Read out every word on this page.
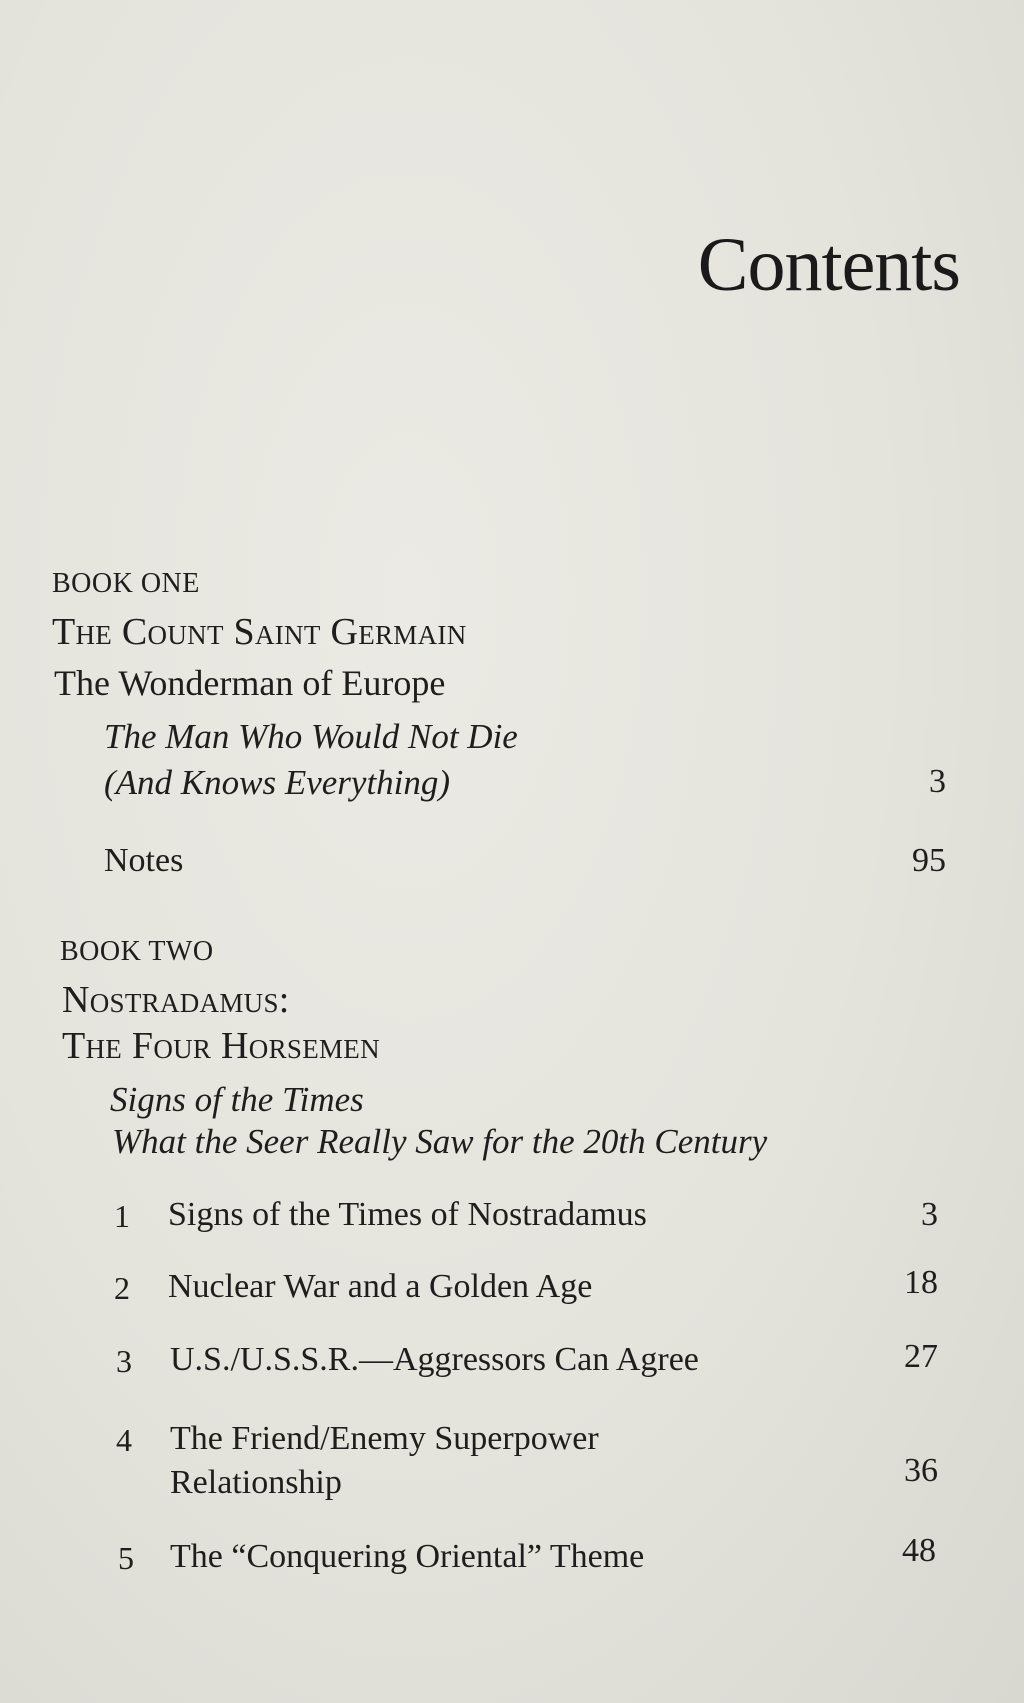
Contents
BOOK ONE
The Count Saint Germain
The Wonderman of Europe
The Man Who Would Not Die
(And Knows Everything)	3
Notes	95
BOOK TWO
Nostradamus:
The Four Horsemen
Signs of the Times
What the Seer Really Saw for the 20th Century
1 Signs of the Times of Nostradamus	3
2 Nuclear War and a Golden Age	18
3 U.S./U.S.S.R.—Aggressors Can Agree	27
4 The Friend/Enemy Superpower
Relationship	36
5 The “Conquering Oriental” Theme	48
